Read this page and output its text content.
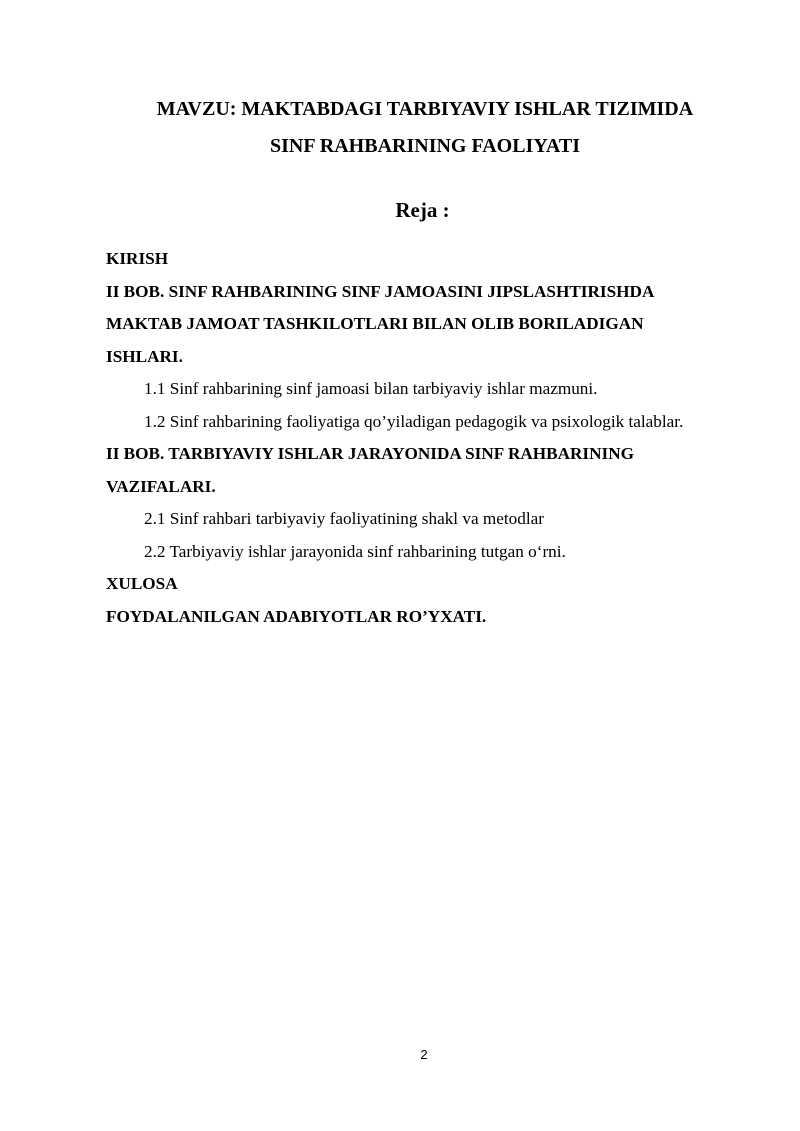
MAVZU: MAKTABDAGI TARBIYAVIY ISHLAR TIZIMIDA
SINF RAHBARINING FAOLIYATI
Reja :
KIRISH
II BOB. SINF RAHBARINING SINF JAMOASINI JIPSLASHTIRISHDA
MAKTAB JAMOAT TASHKILOTLARI BILAN OLIB BORILADIGAN
ISHLARI.
1.1 Sinf rahbarining sinf jamoasi bilan tarbiyaviy ishlar mazmuni.
1.2 Sinf rahbarining faoliyatiga qo’yiladigan pedagogik va psixologik talablar.
II BOB. TARBIYAVIY ISHLAR JARAYONIDA SINF RAHBARINING
VAZIFALARI.
2.1 Sinf rahbari tarbiyaviy faoliyatining shakl va metodlar
2.2 Tarbiyaviy ishlar jarayonida sinf rahbarining tutgan o‘rni.
XULOSA
FOYDALANILGAN ADABIYOTLAR RO’YXATI.
2
